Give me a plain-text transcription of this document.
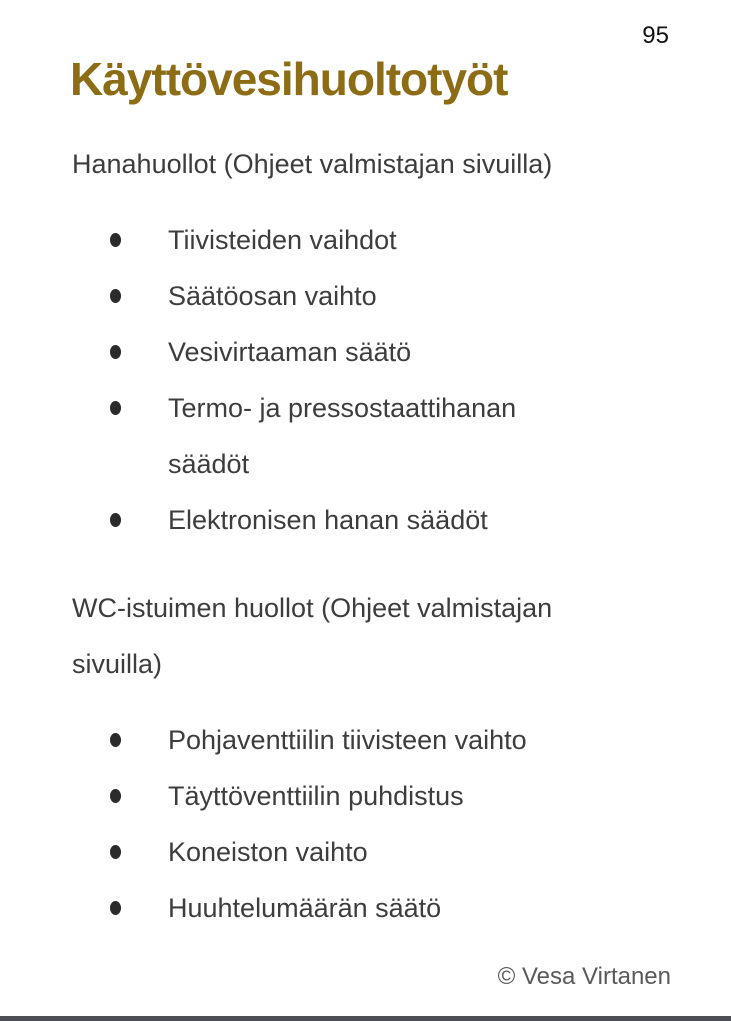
95
Käyttövesihuoltotyöt
Hanahuollot (Ohjeet valmistajan sivuilla)
Tiivisteiden vaihdot
Säätöosan vaihto
Vesivirtaaman säätö
Termo- ja pressostaattihanan säädöt
Elektronisen hanan säädöt
WC-istuimen huollot (Ohjeet valmistajan sivuilla)
Pohjaventtiilin tiivisteen vaihto
Täyttöventtiilin puhdistus
Koneiston vaihto
Huuhtelumäärän säätö
© Vesa Virtanen
